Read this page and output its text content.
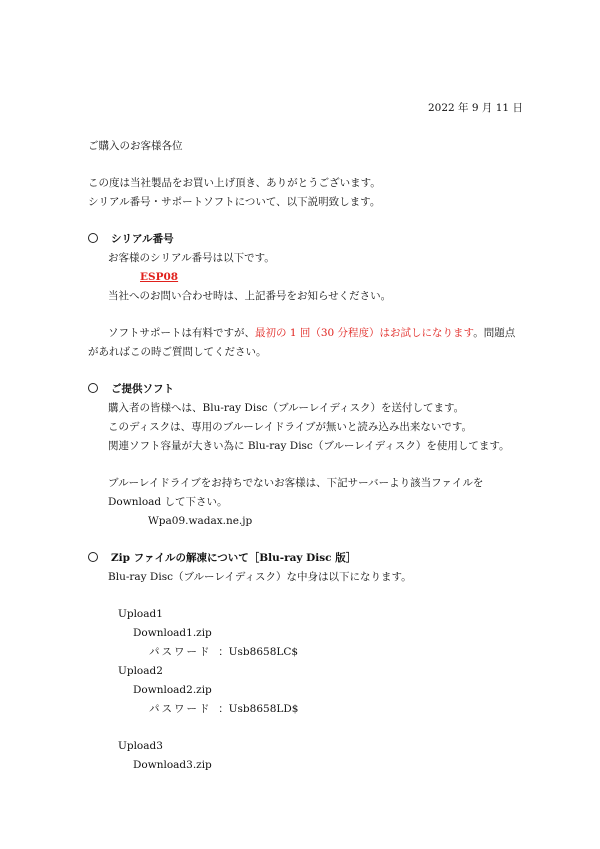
2022 年 9 月 11 日
ご購入のお客様各位
この度は当社製品をお買い上げ頂き、ありがとうございます。
シリアル番号・サポートソフトについて、以下説明致します。
シリアル番号
お客様のシリアル番号は以下です。
ESP08
当社へのお問い合わせ時は、上記番号をお知らせください。
ソフトサポートは有料ですが、最初の 1 回（30 分程度）はお試しになります。問題点
があればこの時ご質問してください。
ご提供ソフト
購入者の皆様へは、Blu-ray Disc（ブルーレイディスク）を送付してます。
このディスクは、専用のブルーレイドライブが無いと読み込み出来ないです。
関連ソフト容量が大きい為に Blu-ray Disc（ブルーレイディスク）を使用してます。
ブルーレイドライブをお持ちでないお客様は、下記サーバーより該当ファイルを
Download して下さい。
Wpa09.wadax.ne.jp
Zip ファイルの解凍について［Blu-ray Disc 版］
Blu-ray Disc（ブルーレイディスク）な中身は以下になります。
Upload1
Download1.zip
パスワード ：Usb8658LC$
Upload2
Download2.zip
パスワード ：Usb8658LD$
Upload3
Download3.zip
